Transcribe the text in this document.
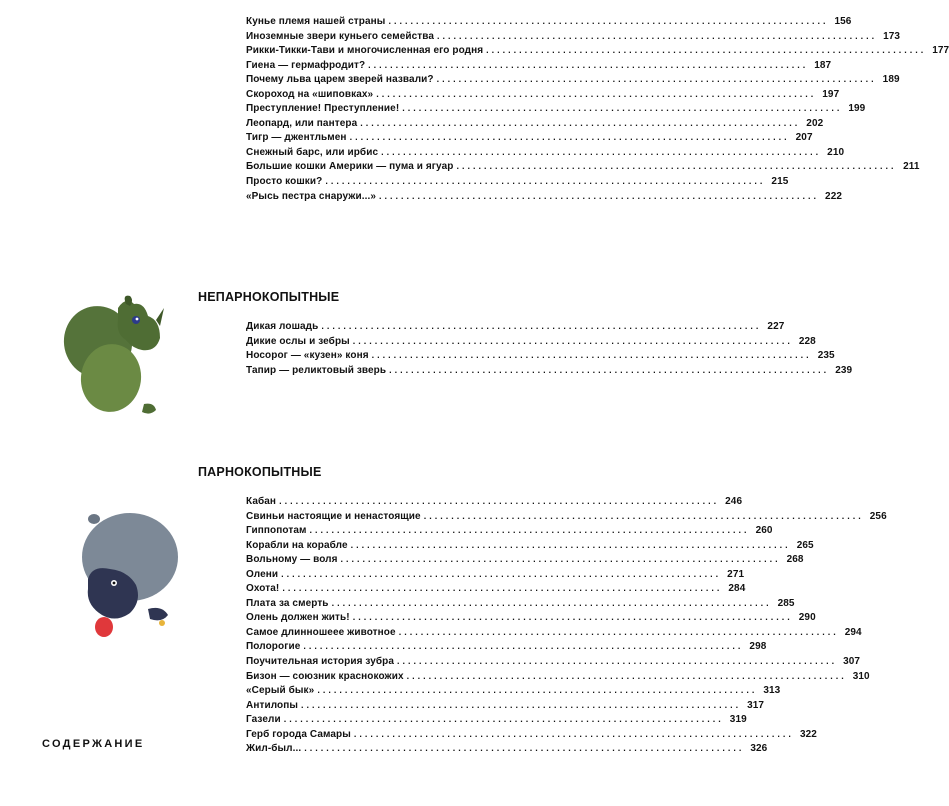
Кунье племя нашей страны ................................................................................ 156
Иноземные звери куньего семейства ................................................................................ 173
Рикки-Тикки-Тави и многочисленная его родня ................................................................................ 177
Гиена — гермафродит? ................................................................................ 187
Почему льва царем зверей назвали? ................................................................................ 189
Скороход на «шиповках» ................................................................................ 197
Преступление! Преступление! ................................................................................ 199
Леопард, или пантера ................................................................................ 202
Тигр — джентльмен ................................................................................ 207
Снежный барс, или ирбис ................................................................................ 210
Большие кошки Америки — пума и ягуар ................................................................................ 211
Просто кошки? ................................................................................ 215
«Рысь пестра снаружи...» ................................................................................ 222
НЕПАРНОКОПЫТНЫЕ
Дикая лошадь ................................................................................ 227
Дикие ослы и зебры ................................................................................ 228
Носорог — «кузен» коня ................................................................................ 235
Тапир — реликтовый зверь ................................................................................ 239
ПАРНОКОПЫТНЫЕ
Кабан ................................................................................ 246
Свиньи настоящие и ненастоящие ................................................................................ 256
Гиппопотам ................................................................................ 260
Корабли на корабле ................................................................................ 265
Вольному — воля ................................................................................ 268
Олени ................................................................................ 271
Охота! ................................................................................ 284
Плата за смерть ................................................................................ 285
Олень должен жить! ................................................................................ 290
Самое длинношеее животное ................................................................................ 294
Полорогие ................................................................................ 298
Поучительная история зубра ................................................................................ 307
Бизон — союзник краснокожих ................................................................................ 310
«Серый бык» ................................................................................ 313
Антилопы ................................................................................ 317
Газели ................................................................................ 319
Герб города Самары ................................................................................ 322
Жил-был... ................................................................................ 326
СОДЕРЖАНИЕ
